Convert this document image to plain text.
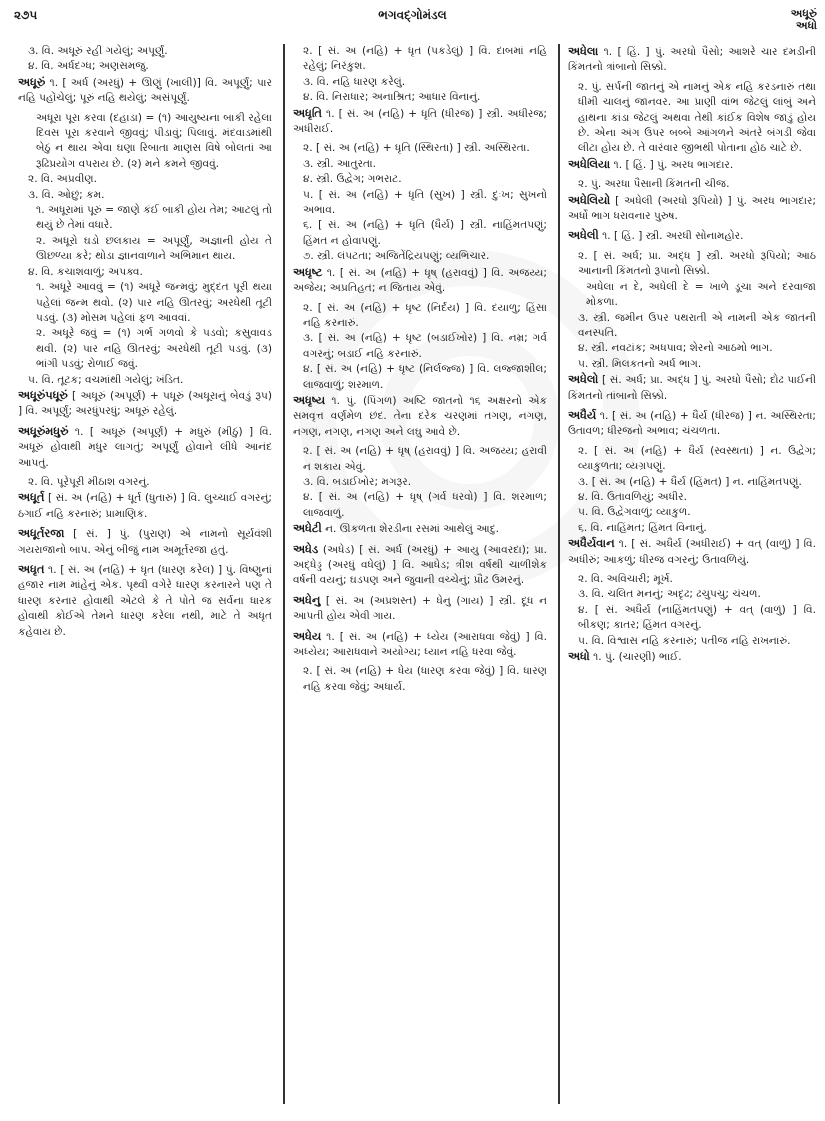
૨૭૫	ભગવદ્ગોમંડલ	અધૂરું
અધો
૩. વિ. અધૂરું રહી ગયેલું; અપૂર્ણું.
૪. વિ. અર્ધદગ્ધ; અણસમજુ.
અધૂરું ૧. [ અર્ધ (અરધું) + ઊણું (ખાલી)] વિ. અપૂર્ણું; પાર નહિ પહોંચેલું; પૂરું નહિ થયેલું; અસંપૂર્ણું.
અધૂરા પૂરા કરવા (દહાડા) = (૧) આયુષ્યના બાકી રહેલા દિવસ પૂરા કરવાને જીવવું; પીડાવું; પિલાવું. મંદવાડમાંથી બેઠું ન થાય એવા ઘણા રિબાતા માણસ વિષે બોલતાં આ રૂઢિપ્રયોગ વપરાય છે. (૨) મને કમને જીવવું.
૨. વિ. અપ્રવીણ.
૩. વિ. ઓછું; કમ.
૧. અધૂરામાં પૂરું = જાણે કંઈ બાકી હોય તેમ; આટલું તો થયું છે તેમાં વધારે.
૨. અધૂરો ઘડો છલકાય = અપૂર્ણું, અજ્ઞાની હોય તે ઊછળ્યા કરે; થોડા જ્ઞાનવાળાને અભિમાન થાય.
૪. વિ. કચાશવાળું; અપક્વ.
૧. અધૂરે આવવું = (૧) અધૂરે જન્મવું; મુદ્દત પૂરી થયા પહેલાં જન્મ થવો. (૨) પાર નહિ ઊતરવું; અરધેથી તૂટી પડવું. (૩) મોસમ પહેલાં ફળ આવવાં.
૨. અધૂરે જવું = (૧) ગર્ભ ગળવો કે પડવો; કસુવાવડ થવી. (૨) પાર નહિ ઊતરવું; અરધેથી તૂટી પડવું. (૩) ભાંગી પડવું; રોળાઈ જવું.
૫. વિ. તૂટક; વચમાંથી ગયેલું; ખંડિત.
અધૂરુંપધૂરું [ અધૂરું (અપૂર્ણ) + પધૂરું (અધૂરાનું બેવડું રૂપ) ] વિ. અપૂર્ણું; અરધુંપરધું; અધૂરું રહેલું.
અધૂરુંમધુરું ૧. [ અધૂરું (અપૂર્ણ) + મધુરું (મીઠું) ] વિ. અધૂરું હોવાથી મધુર લાગતું; અપૂર્ણું હોવાને લીધે આનંદ આપતું.
૨. વિ. પૂરેપૂરી મીઠાશ વગરનું.
અધૂર્ત [ સં. અ (નહિ) + ધૂર્ત (ધુતારું) ] વિ. લુચ્ચાઈ વગરનું; ઠગાઈ નહિ કરનારું; પ્રામાણિક.
અધૂર્તરજા [ સં. ] પું. (પુરાણ) એ નામનો સૂર્યવંશી ગયરાજાનો બાપ. એનું બીજું નામ અમૂર્તરજા હતું.
અધૃત ૧. [ સં. અ (નહિ) + ધૃત (ધારણ કરેલ) ] પું. વિષ્ણુનાં હજાર નામ માંહેનું એક. પૃથ્વી વગેરે ધારણ કરનારને પણ તે ધારણ કરનાર હોવાથી એટલે કે તે પોતે જ સર્વના ધારક હોવાથી કોઈએ તેમને ધારણ કરેલા નથી, માટે તે અધૃત કહેવાય છે.
૨. [ સં. અ (નહિ) + ધૃત (પકડેલું) ] વિ. દાબમાં નહિ રહેલું; નિરંકુશ.
૩. વિ. નહિ ધારણ કરેલું.
૪. વિ. નિરાધાર; અનાશ્રિત; આધાર વિનાનું.
અધૃતિ ૧. [ સં. અ (નહિ) + ધૃતિ (ધીરજ) ] સ્ત્રી. અધીરજ; અધીરાઈ.
૨. [ સં. અ (નહિ) + ધૃતિ (સ્થિરતા) ] સ્ત્રી. અસ્થિરતા.
૩. સ્ત્રી. આતુરતા.
૪. સ્ત્રી. ઉદ્વેગ; ગભરાટ.
૫. [ સં. અ (નહિ) + ધૃતિ (સુખ) ] સ્ત્રી. દુઃખ; સુખનો અભાવ.
૬. [ સં. અ (નહિ) + ધૃતિ (ધૈર્ય) ] સ્ત્રી. નાહિંમતપણું; હિંમત ન હોવાપણું.
૭. સ્ત્રી. લંપટતા; અજિતેંદ્રિયપણું; વ્યભિચાર.
અધૃષ્ટ ૧. [ સં. અ (નહિ) + ધૃષ્ (હરાવવું) ] વિ. અજય્ય; અજેય; અપ્રતિહત; ન જિતાય એવું.
૨. [ સં. અ (નહિ) + ધૃષ્ટ (નિર્દય) ] વિ. દયાળુ; હિંસા નહિ કરનારું.
૩. [ સં. અ (નહિ) + ધૃષ્ટ (બડાઈખોર) ] વિ. નમ્ર; ગર્વ વગરનું; બડાઈ નહિ કરનારું.
૪. [ સં. અ (નહિ) + ધૃષ્ટ (નિર્લજ્જ) ] વિ. લજ્જાશીલ; લાજવાળું; શરમાળ.
અધૃષ્ય ૧. પું. (પિંગળ) અષ્ટિ જાતનો ૧૬ અક્ષરનો એક સમવૃત્ત વર્ણમેળ છંદ. તેના દરેક ચરણમાં તગણ, નગણ, નગણ, નગણ, નગણ અને લઘુ આવે છે.
૨. [ સં. અ (નહિ) + ધૃષ્ (હરાવવું) ] વિ. અજય્ય; હરાવી ન શકાય એવું.
૩. વિ. બડાઈખોર; મગરૂર.
૪. [ સં. અ (નહિ) + ધૃષ્ (ગર્વ ધરવો) ] વિ. શરમાળ; લાજવાળું.
અધેટી ન. ઊકળતા શેરડીના રસમાં આથેલું આદુ.
અધેડ (અધેડ) [ સં. અર્ધ (અરધું) + આયુ (આવરદા); પ્રા. અદ્ધેડ્ડ (અરધું વધેલું) ] વિ. આધેડ; ત્રીશ વર્ષથી ચાળીશેક વર્ષની વયનું; ઘડપણ અને જુવાની વચ્ચેનું; પ્રૌઢ ઉમરનું.
અધેનુ [ સં. અ (અપ્રશસ્ત) + ધેનુ (ગાય) ] સ્ત્રી. દૂધ ન આપતી હોય એવી ગાય.
અધેય ૧. [ સં. અ (નહિ) + ધ્યેય (આરાધવા જેવું) ] વિ. અધ્યેય; આરાધવાને અયોગ્ય; ધ્યાન નહિ ધરવા જેવું.
૨. [ સં. અ (નહિ) + ધેય (ધારણ કરવા જેવું) ] વિ. ધારણ નહિ કરવા જેવું; અધાર્ય.
અધેલા ૧. [ હિં. ] પું. અરધો પૈસો; આશરે ચાર દમડીની કિંમતનો ત્રાંબાનો સિક્કો.
૨. પું. સર્પની જાતનું એ નામનું એક નહિ કરડનારું તથા ધીમી ચાલનું જાનવર. આ પ્રાણી વાંભ જેટલું લાંબું અને હાથના કાંડા જેટલું અથવા તેથી કાંઈક વિશેષ જાડું હોય છે. એના અંગ ઉપર બબ્બે આંગળને અંતરે બંગડી જેવા લીટા હોય છે. તે વારંવાર જીભથી પોતાના હોઠ ચાટે છે.
અધેલિયા ૧. [ હિં. ] પું. અરધ ભાગદાર.
૨. પું. અરધા પૈસાની કિંમતની ચીજ.
અધેલિયો [ અધેલી (અરધો રૂપિયો) ] પું. અરધ ભાગદાર; અર્ધો ભાગ ધરાવનાર પુરુષ.
અધેલી ૧. [ હિં. ] સ્ત્રી. અરધી સોનામહોર.
૨. [ સં. અર્ધ; પ્રા. અદ્ધ ] સ્ત્રી. અરધો રૂપિયો; આઠ આનાની કિંમતનો રૂપાનો સિક્કો.
અધેલા ન દે, અધેલી દે = ખાળે ડૂચા અને દરવાજા મોકળા.
૩. સ્ત્રી. જમીન ઉપર પથરાતી એ નામની એક જાતની વનસ્પતિ.
૪. સ્ત્રી. નવટાંક; અધપાવ; શેરનો આઠમો ભાગ.
૫. સ્ત્રી. મિલકતનો અર્ધ ભાગ.
અધેલો [ સં. અર્ધ; પ્રા. અદ્ધ ] પું. અરધો પૈસો; દોઢ પાઈની કિંમતનો તાંબાનો સિક્કો.
અધૈર્ય ૧. [ સં. અ (નહિ) + ધૈર્ય (ધીરજ) ] ન. અસ્થિરતા; ઉતાવળ; ધીરજનો અભાવ; ચંચળતા.
૨. [ સં. અ (નહિ) + ધૈર્ય (સ્વસ્થતા) ] ન. ઉદ્વેગ; વ્યાકુળતા; વ્યગ્રપણું.
૩. [ સં. અ (નહિ) + ધૈર્ય (હિંમત) ] ન. નાહિંમતપણું.
૪. વિ. ઉતાવળિયું; અધીર.
૫. વિ. ઉદ્વેગવાળું; વ્યાકુળ.
૬. વિ. નાહિંમત; હિંમત વિનાનું.
અધૈર્યવાન ૧. [ સં. અધૈર્ય (અધીરાઈ) + વત્ (વાળું) ] વિ. અધીરું; આકળું; ધીરજ વગરનું; ઉતાવળિયું.
૨. વિ. અવિચારી; મૂર્ખ.
૩. વિ. ચલિત મનનું; અદૃઢ; ઢચુપચુ; ચંચળ.
૪. [ સં. અધૈર્ય (નાહિંમતપણું) + વત્ (વાળું) ] વિ. બીકણ; કાતર; હિંમત વગરનું.
૫. વિ. વિશ્વાસ નહિ કરનારું; પતીજ નહિ રાખનારું.
અધો ૧. પું. (ચારણી) ભાઈ.
